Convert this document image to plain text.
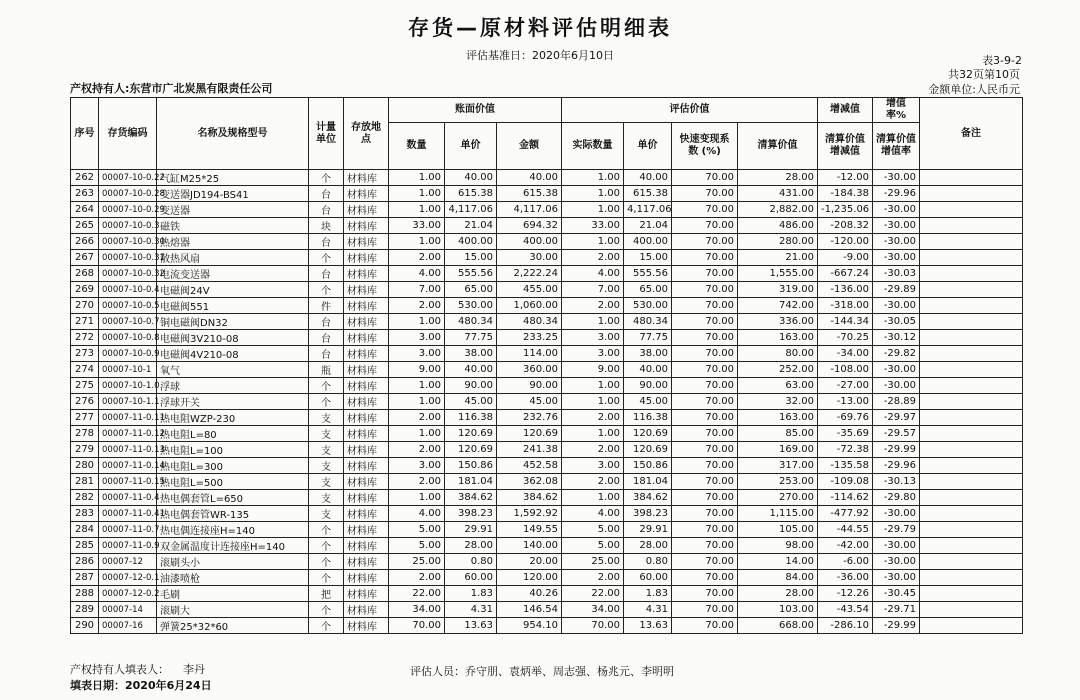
存货—原材料评估明细表
评估基准日：2020年6月10日	表3-9-2
共32页第10页
产权持有人:东营市广北炭黑有限责任公司	金额单位:人民币元
序号	存货编码	名称及规格型号	计量单位	存放地点	账面价值			评估价值				增减值	增值率%	备注
					数量	单价	金额	实际数量	单价	快速变现系数 (%)	清算价值	清算价值增减值	清算价值增值率	
262	00007-10-0.22	气缸M25*25	个	材料库	1.00	40.00	40.00	1.00	40.00	70.00	28.00	-12.00	-30.00	
263	00007-10-0.28	变送器JD194-BS41	台	材料库	1.00	615.38	615.38	1.00	615.38	70.00	431.00	-184.38	-29.96	
264	00007-10-0.29	变送器	台	材料库	1.00	4,117.06	4,117.06	1.00	4,117.06	70.00	2,882.00	-1,235.06	-30.00	
265	00007-10-0.3	磁铁	块	材料库	33.00	21.04	694.32	33.00	21.04	70.00	486.00	-208.32	-30.00	
266	00007-10-0.30	热熔器	台	材料库	1.00	400.00	400.00	1.00	400.00	70.00	280.00	-120.00	-30.00	
267	00007-10-0.31	散热风扇	个	材料库	2.00	15.00	30.00	2.00	15.00	70.00	21.00	-9.00	-30.00	
268	00007-10-0.32	电流变送器	台	材料库	4.00	555.56	2,222.24	4.00	555.56	70.00	1,555.00	-667.24	-30.03	
269	00007-10-0.4	电磁阀24V	个	材料库	7.00	65.00	455.00	7.00	65.00	70.00	319.00	-136.00	-29.89	
270	00007-10-0.5	电磁阀551	件	材料库	2.00	530.00	1,060.00	2.00	530.00	70.00	742.00	-318.00	-30.00	
271	00007-10-0.7	铜电磁阀DN32	台	材料库	1.00	480.34	480.34	1.00	480.34	70.00	336.00	-144.34	-30.05	
272	00007-10-0.8	电磁阀3V210-08	台	材料库	3.00	77.75	233.25	3.00	77.75	70.00	163.00	-70.25	-30.12	
273	00007-10-0.9	电磁阀4V210-08	台	材料库	3.00	38.00	114.00	3.00	38.00	70.00	80.00	-34.00	-29.82	
274	00007-10-1	氧气	瓶	材料库	9.00	40.00	360.00	9.00	40.00	70.00	252.00	-108.00	-30.00	
275	00007-10-1.0	浮球	个	材料库	1.00	90.00	90.00	1.00	90.00	70.00	63.00	-27.00	-30.00	
276	00007-10-1.1	浮球开关	个	材料库	1.00	45.00	45.00	1.00	45.00	70.00	32.00	-13.00	-28.89	
277	00007-11-0.11	热电阻WZP-230	支	材料库	2.00	116.38	232.76	2.00	116.38	70.00	163.00	-69.76	-29.97	
278	00007-11-0.12	热电阻L=80	支	材料库	1.00	120.69	120.69	1.00	120.69	70.00	85.00	-35.69	-29.57	
279	00007-11-0.13	热电阻L=100	支	材料库	2.00	120.69	241.38	2.00	120.69	70.00	169.00	-72.38	-29.99	
280	00007-11-0.14	热电阻L=300	支	材料库	3.00	150.86	452.58	3.00	150.86	70.00	317.00	-135.58	-29.96	
281	00007-11-0.15	热电阻L=500	支	材料库	2.00	181.04	362.08	2.00	181.04	70.00	253.00	-109.08	-30.13	
282	00007-11-0.4	热电偶套管L=650	支	材料库	1.00	384.62	384.62	1.00	384.62	70.00	270.00	-114.62	-29.80	
283	00007-11-0.41	热电偶套管WR-135	支	材料库	4.00	398.23	1,592.92	4.00	398.23	70.00	1,115.00	-477.92	-30.00	
284	00007-11-0.7	热电偶连接座H=140	个	材料库	5.00	29.91	149.55	5.00	29.91	70.00	105.00	-44.55	-29.79	
285	00007-11-0.9	双金属温度计连接座H=140	个	材料库	5.00	28.00	140.00	5.00	28.00	70.00	98.00	-42.00	-30.00	
286	00007-12	滚刷头小	个	材料库	25.00	0.80	20.00	25.00	0.80	70.00	14.00	-6.00	-30.00	
287	00007-12-0.1	油漆喷枪	个	材料库	2.00	60.00	120.00	2.00	60.00	70.00	84.00	-36.00	-30.00	
288	00007-12-0.2	毛刷	把	材料库	22.00	1.83	40.26	22.00	1.83	70.00	28.00	-12.26	-30.45	
289	00007-14	滚刷大	个	材料库	34.00	4.31	146.54	34.00	4.31	70.00	103.00	-43.54	-29.71	
290	00007-16	弹簧25*32*60	个	材料库	70.00	13.63	954.10	70.00	13.63	70.00	668.00	-286.10	-29.99	
产权持有人填表人： 李丹
填表日期：2020年6月24日
评估人员：乔守朋、袁炳举、周志强、杨兆元、李明明
